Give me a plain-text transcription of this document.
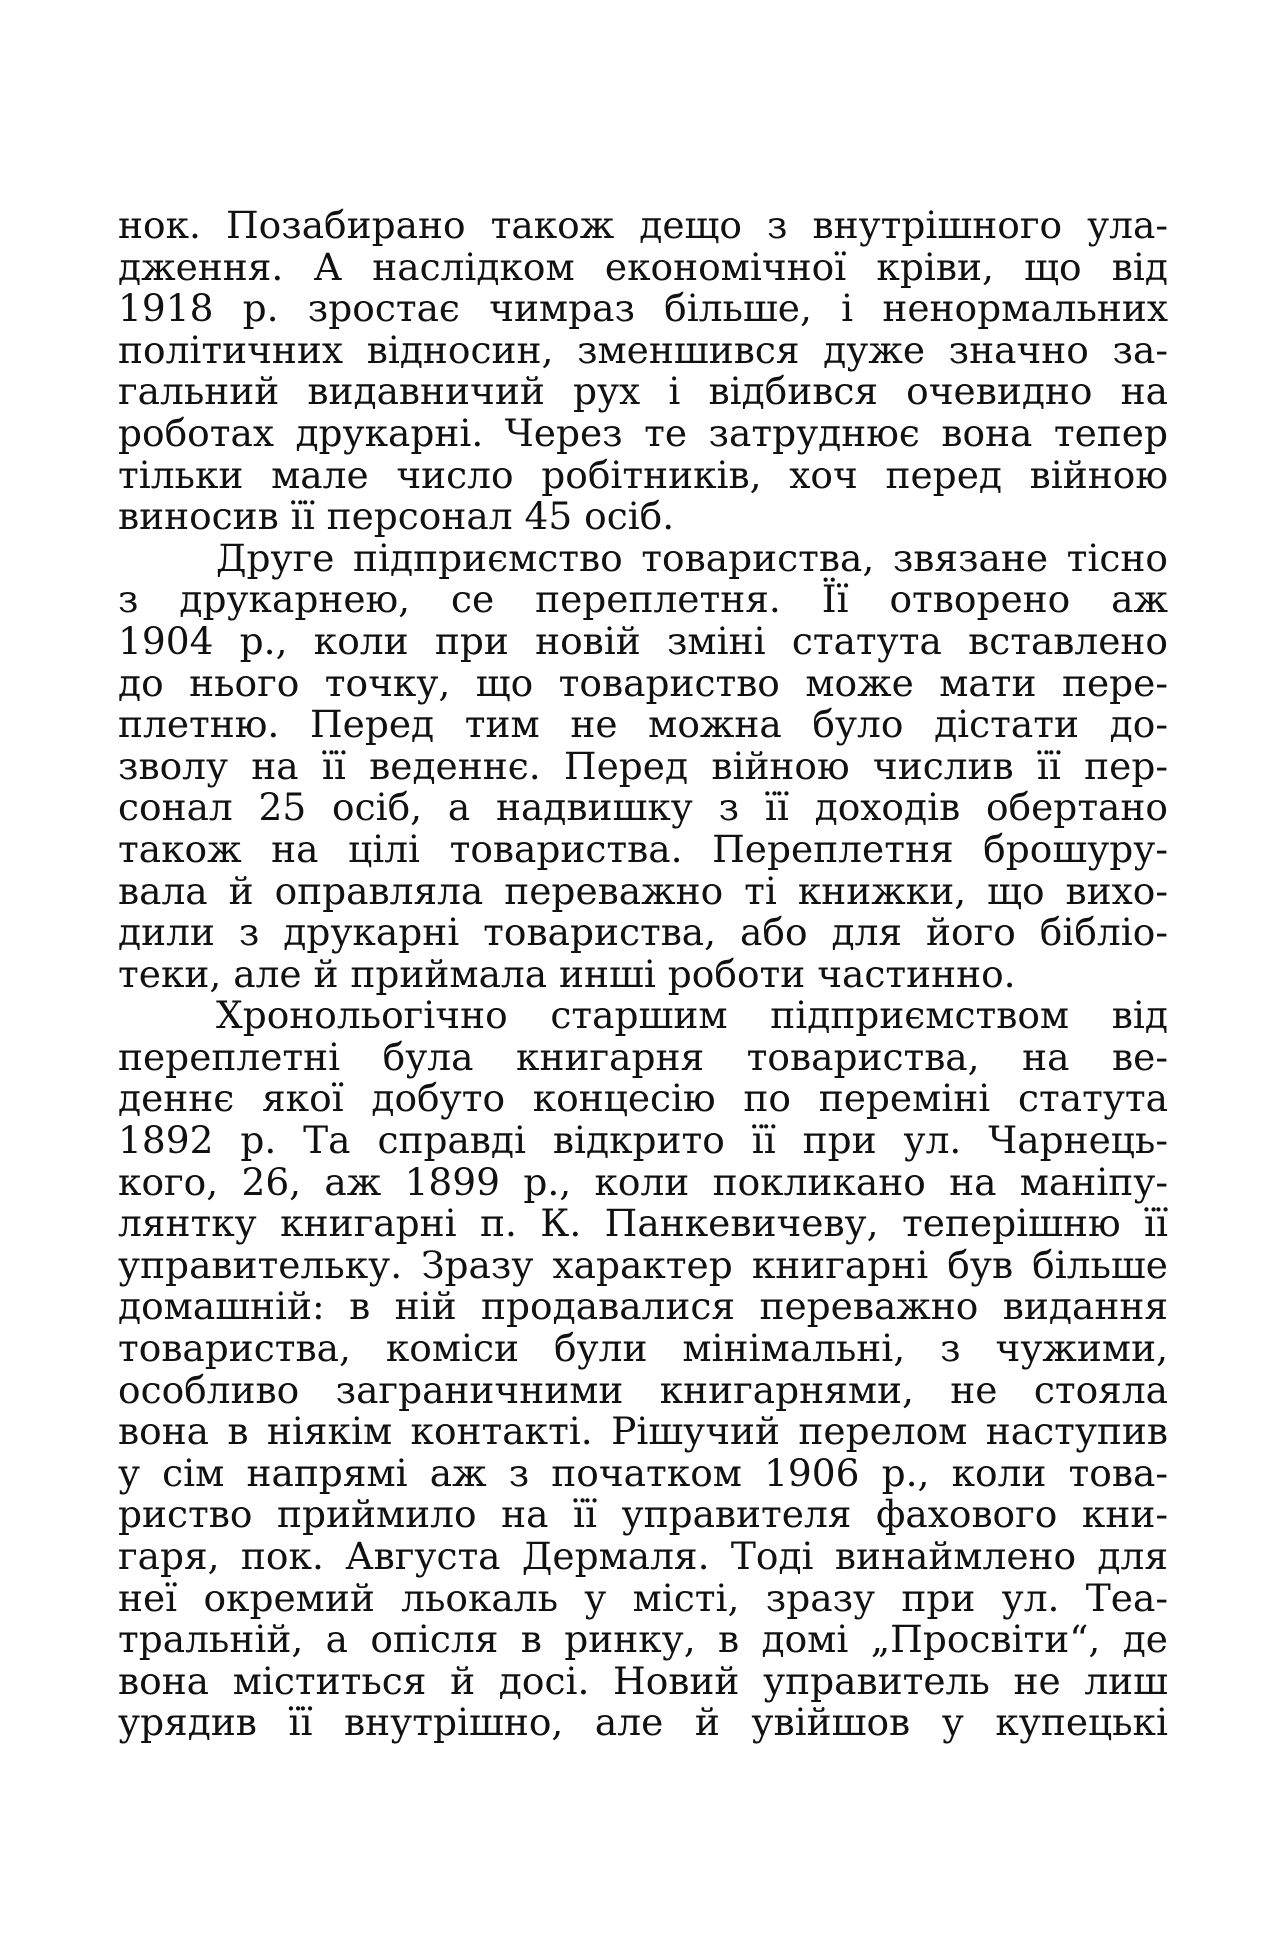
нок. Позабирано також дещо з внутрішного ула-
дження. А наслідком економічної кріви, що від
1918 р. зростає чимраз більше, і ненормальних
політичних відносин, зменшився дуже значно за-
гальний видавничий рух і відбився очевидно на
роботах друкарні. Через те затруднює вона тепер
тільки мале число робітників, хоч перед війною
виносив її персонал 45 осіб.
Друге підприємство товариства, звязане тісно
з друкарнею, се переплетня. Її отворено аж
1904 р., коли при новій зміні статута вставлено
до нього точку, що товариство може мати пере-
плетню. Перед тим не можна було дістати до-
зволу на її веденнє. Перед війною числив її пер-
сонал 25 осіб, а надвишку з її доходів обертано
також на цілі товариства. Переплетня брошуру-
вала й оправляла переважно ті книжки, що вихо-
дили з друкарні товариства, або для його бібліо-
теки, але й приймала инші роботи частинно.
Хронольогічно старшим підприємством від
переплетні була книгарня товариства, на ве-
деннє якої добуто концесію по переміні статута
1892 р. Та справді відкрито її при ул. Чарнець-
кого, 26, аж 1899 р., коли покликано на маніпу-
лянтку книгарні п. К. Панкевичеву, теперішню її
управительку. Зразу характер книгарні був більше
домашній: в ній продавалися переважно видання
товариства, коміси були мінімальні, з чужими,
особливо заграничними книгарнями, не стояла
вона в ніякім контакті. Рішучий перелом наступив
у сім напрямі аж з початком 1906 р., коли това-
риство приймило на її управителя фахового кни-
гаря, пок. Августа Дермаля. Тоді винаймлено для
неї окремий льокаль у місті, зразу при ул. Теа-
тральній, а опісля в ринку, в домі „Просвіти“, де
вона міститься й досі. Новий управитель не лиш
урядив її внутрішно, але й увійшов у купецькі
